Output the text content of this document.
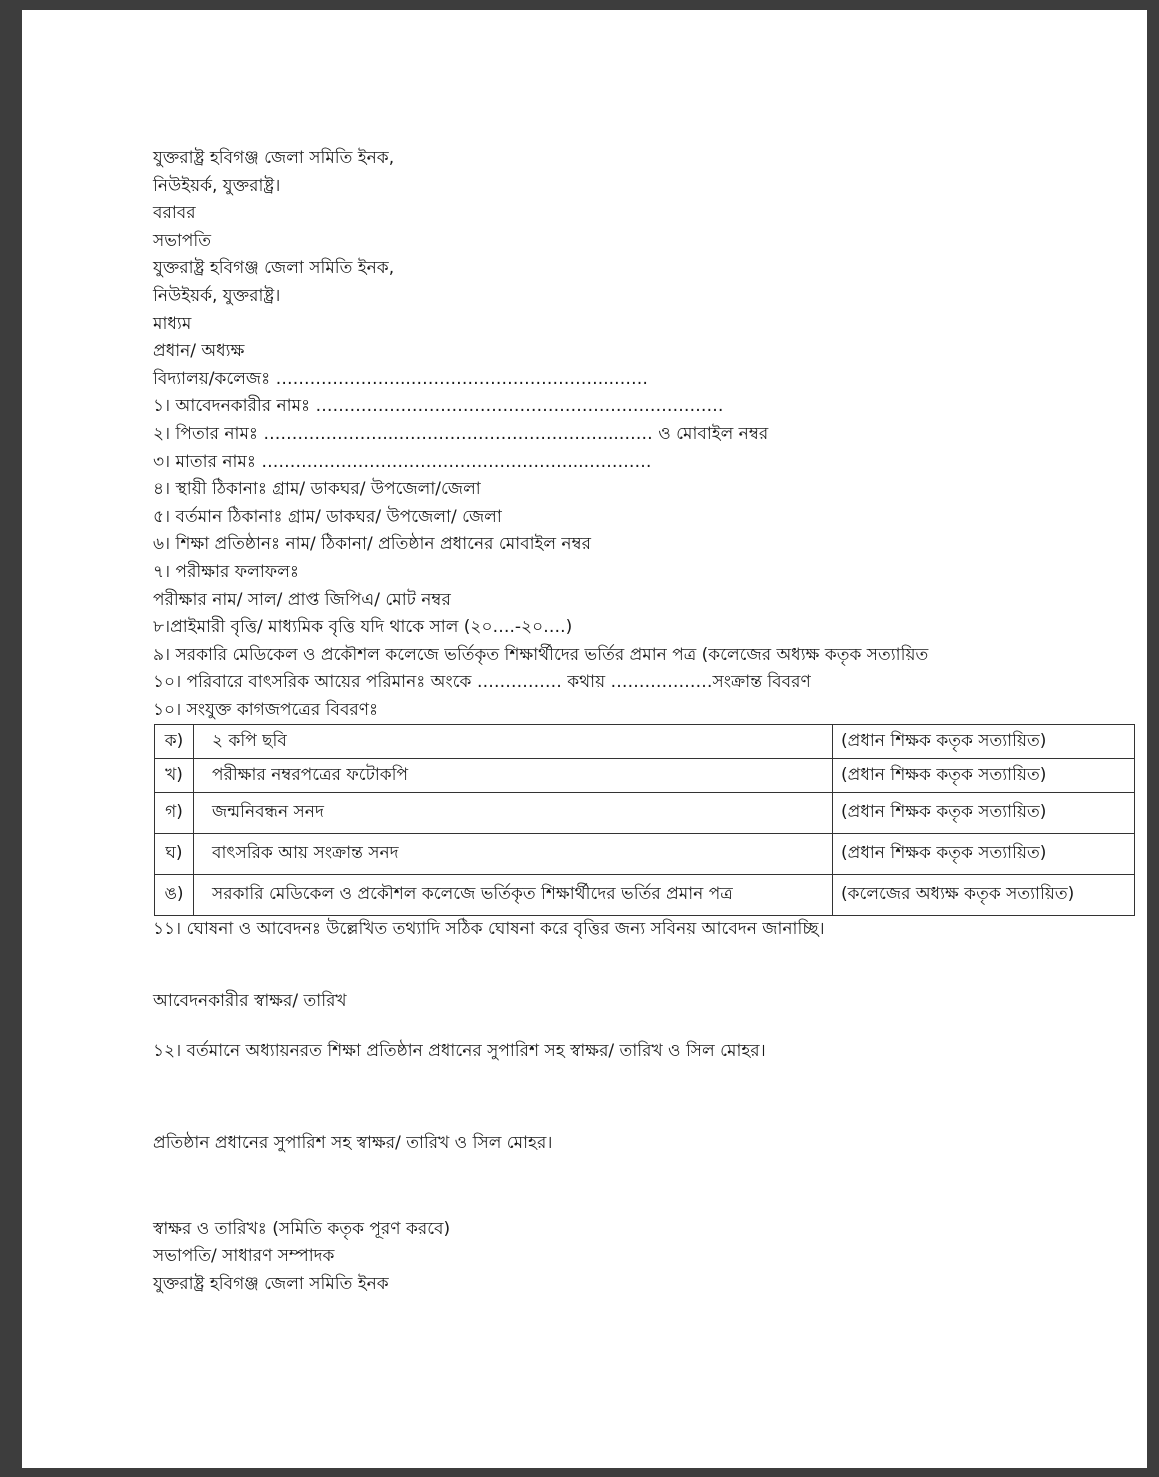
যুক্তরাষ্ট্র হবিগঞ্জ জেলা সমিতি ইনক,
নিউইয়র্ক, যুক্তরাষ্ট্র।
বরাবর
সভাপতি
যুক্তরাষ্ট্র হবিগঞ্জ জেলা সমিতি ইনক,
নিউইয়র্ক, যুক্তরাষ্ট্র।
মাধ্যম
প্রধান/ অধ্যক্ষ
বিদ্যালয়/কলেজঃ …………………...……………………………...……
১। আবেদনকারীর নামঃ ………………………………………………………………
২। পিতার নামঃ …………………...………………………………...…… ও মোবাইল নম্বর
৩। মাতার নামঃ ………………………………………………...…………
৪। স্থায়ী ঠিকানাঃ গ্রাম/ ডাকঘর/ উপজেলা/জেলা
৫। বর্তমান ঠিকানাঃ গ্রাম/ ডাকঘর/ উপজেলা/ জেলা
৬। শিক্ষা প্রতিষ্ঠানঃ নাম/ ঠিকানা/ প্রতিষ্ঠান প্রধানের মোবাইল নম্বর
৭। পরীক্ষার ফলাফলঃ
পরীক্ষার নাম/ সাল/ প্রাপ্ত জিপিএ/ মোট নম্বর
৮।প্রাইমারী বৃত্তি/ মাধ্যমিক বৃত্তি যদি থাকে সাল (২০….-২০….)
৯। সরকারি মেডিকেল ও প্রকৌশল কলেজে ভর্তিকৃত শিক্ষার্থীদের ভর্তির প্রমান পত্র (কলেজের অধ্যক্ষ কতৃক সত্যায়িত
১০। পরিবারে বাৎসরিক আয়ের পরিমানঃ অংকে …………… কথায় ………………সংক্রান্ত বিবরণ
১০। সংযুক্ত কাগজপত্রের বিবরণঃ
ক)	২ কপি ছবি	(প্রধান শিক্ষক কতৃক সত্যায়িত)
খ)	পরীক্ষার নম্বরপত্রের ফটোকপি	(প্রধান শিক্ষক কতৃক সত্যায়িত)
গ)	জন্মনিবন্ধন সনদ	(প্রধান শিক্ষক কতৃক সত্যায়িত)
ঘ)	বাৎসরিক আয় সংক্রান্ত সনদ	(প্রধান শিক্ষক কতৃক সত্যায়িত)
ঙ)	সরকারি মেডিকেল ও প্রকৌশল কলেজে ভর্তিকৃত শিক্ষার্থীদের ভর্তির প্রমান পত্র	(কলেজের অধ্যক্ষ কতৃক সত্যায়িত)
১১। ঘোষনা ও আবেদনঃ উল্লেখিত তথ্যাদি সঠিক ঘোষনা করে বৃত্তির জন্য সবিনয় আবেদন জানাচ্ছি।
আবেদনকারীর স্বাক্ষর/ তারিখ
১২। বর্তমানে অধ্যায়নরত শিক্ষা প্রতিষ্ঠান প্রধানের সুপারিশ সহ স্বাক্ষর/ তারিখ ও সিল মোহর।
প্রতিষ্ঠান প্রধানের সুপারিশ সহ স্বাক্ষর/ তারিখ ও সিল মোহর।
স্বাক্ষর ও তারিখঃ (সমিতি কতৃক পূরণ করবে)
সভাপতি/ সাধারণ সম্পাদক
যুক্তরাষ্ট্র হবিগঞ্জ জেলা সমিতি ইনক
